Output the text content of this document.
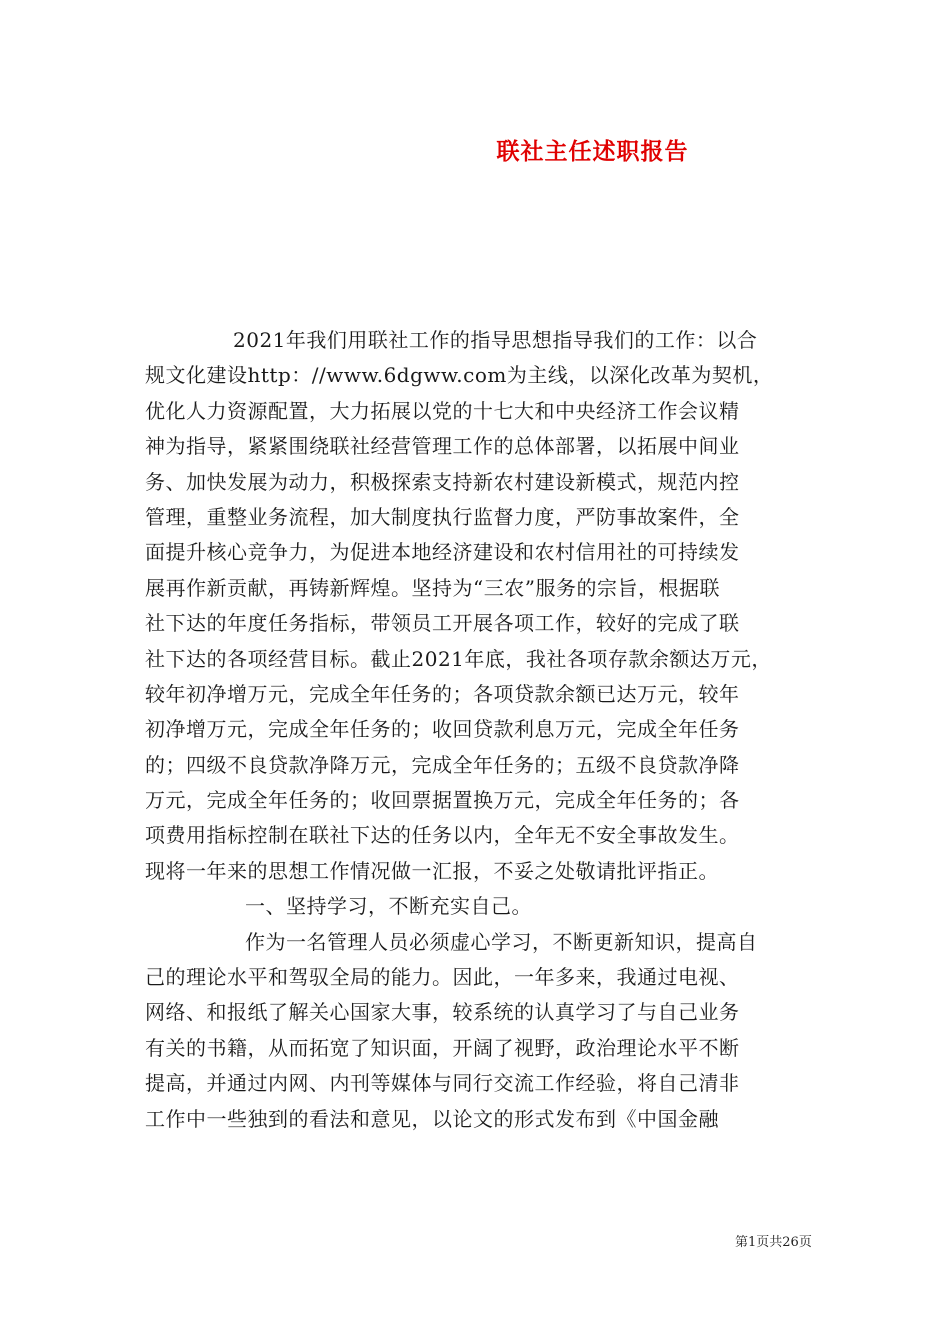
联社主任述职报告
2021年我们用联社工作的指导思想指导我们的工作：以合
规文化建设http：//www.6dgww.com为主线，以深化改革为契机，
优化人力资源配置，大力拓展以党的十七大和中央经济工作会议精
神为指导，紧紧围绕联社经营管理工作的总体部署，以拓展中间业
务、加快发展为动力，积极探索支持新农村建设新模式，规范内控
管理，重整业务流程，加大制度执行监督力度，严防事故案件，全
面提升核心竞争力，为促进本地经济建设和农村信用社的可持续发
展再作新贡献，再铸新辉煌。坚持为“三农”服务的宗旨，根据联
社下达的年度任务指标，带领员工开展各项工作，较好的完成了联
社下达的各项经营目标。截止2021年底，我社各项存款余额达万元，
较年初净增万元，完成全年任务的；各项贷款余额已达万元，较年
初净增万元，完成全年任务的；收回贷款利息万元，完成全年任务
的；四级不良贷款净降万元，完成全年任务的；五级不良贷款净降
万元，完成全年任务的；收回票据置换万元，完成全年任务的；各
项费用指标控制在联社下达的任务以内，全年无不安全事故发生。
现将一年来的思想工作情况做一汇报，不妥之处敬请批评指正。
一、坚持学习，不断充实自己。
作为一名管理人员必须虚心学习，不断更新知识，提高自
己的理论水平和驾驭全局的能力。因此，一年多来，我通过电视、
网络、和报纸了解关心国家大事，较系统的认真学习了与自己业务
有关的书籍，从而拓宽了知识面，开阔了视野，政治理论水平不断
提高，并通过内网、内刊等媒体与同行交流工作经验，将自己清非
工作中一些独到的看法和意见，以论文的形式发布到《中国金融
第1页共26页
